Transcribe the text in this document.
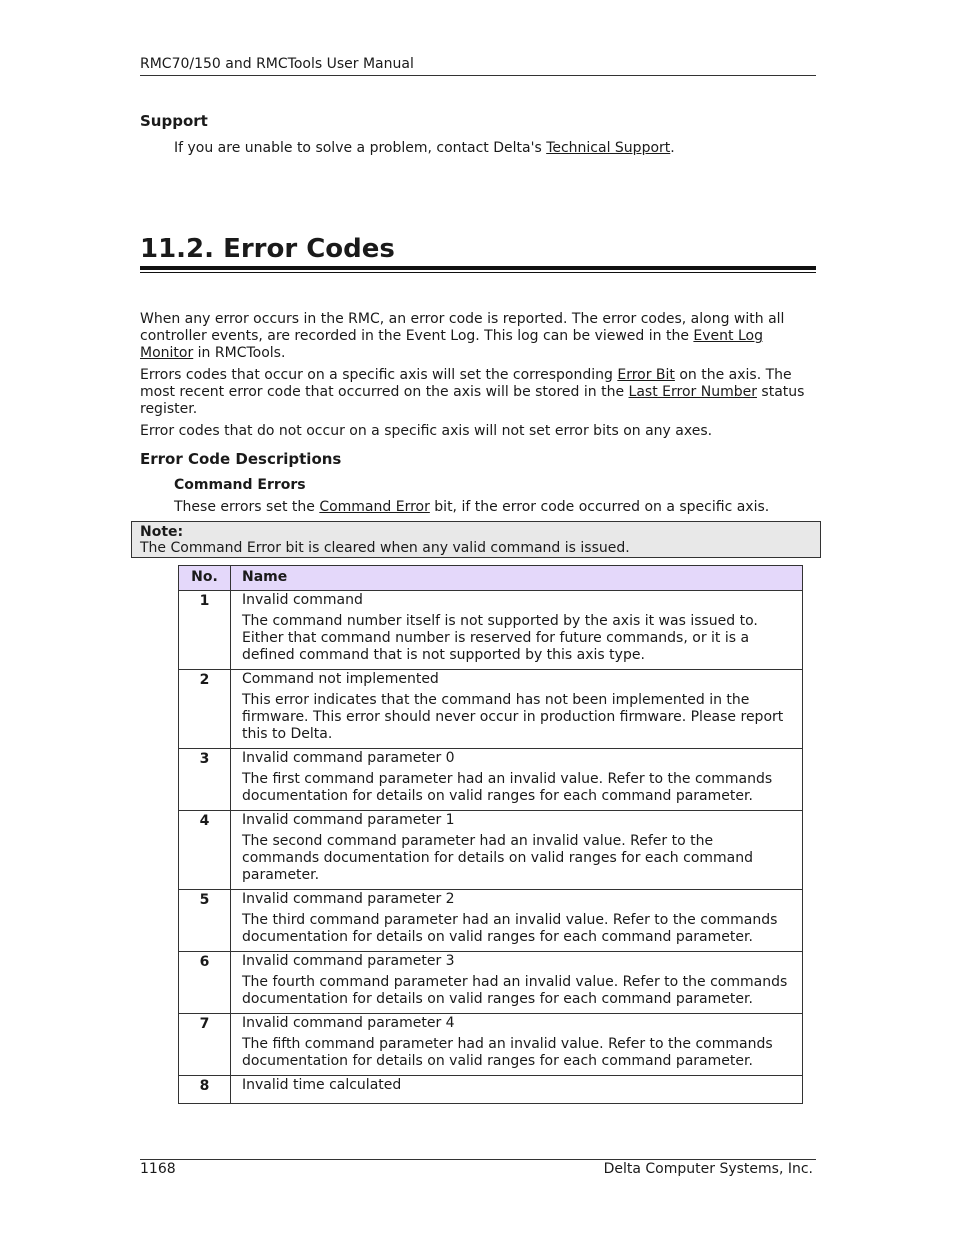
RMC70/150 and RMCTools User Manual
Support
If you are unable to solve a problem, contact Delta's Technical Support.
11.2. Error Codes
When any error occurs in the RMC, an error code is reported. The error codes, along with all controller events, are recorded in the Event Log. This log can be viewed in the Event Log Monitor in RMCTools.
Errors codes that occur on a specific axis will set the corresponding Error Bit on the axis. The most recent error code that occurred on the axis will be stored in the Last Error Number status register.
Error codes that do not occur on a specific axis will not set error bits on any axes.
Error Code Descriptions
Command Errors
These errors set the Command Error bit, if the error code occurred on a specific axis.
Note:
The Command Error bit is cleared when any valid command is issued.
No.	Name
1	Invalid command
The command number itself is not supported by the axis it was issued to. Either that command number is reserved for future commands, or it is a defined command that is not supported by this axis type.

2	Command not implemented
This error indicates that the command has not been implemented in the firmware. This error should never occur in production firmware. Please report this to Delta.

3	Invalid command parameter 0
The first command parameter had an invalid value. Refer to the commands documentation for details on valid ranges for each command parameter.

4	Invalid command parameter 1
The second command parameter had an invalid value. Refer to the commands documentation for details on valid ranges for each command parameter.

5	Invalid command parameter 2
The third command parameter had an invalid value. Refer to the commands documentation for details on valid ranges for each command parameter.

6	Invalid command parameter 3
The fourth command parameter had an invalid value. Refer to the commands documentation for details on valid ranges for each command parameter.

7	Invalid command parameter 4
The fifth command parameter had an invalid value. Refer to the commands documentation for details on valid ranges for each command parameter.

8	Invalid time calculated
1168	Delta Computer Systems, Inc.
